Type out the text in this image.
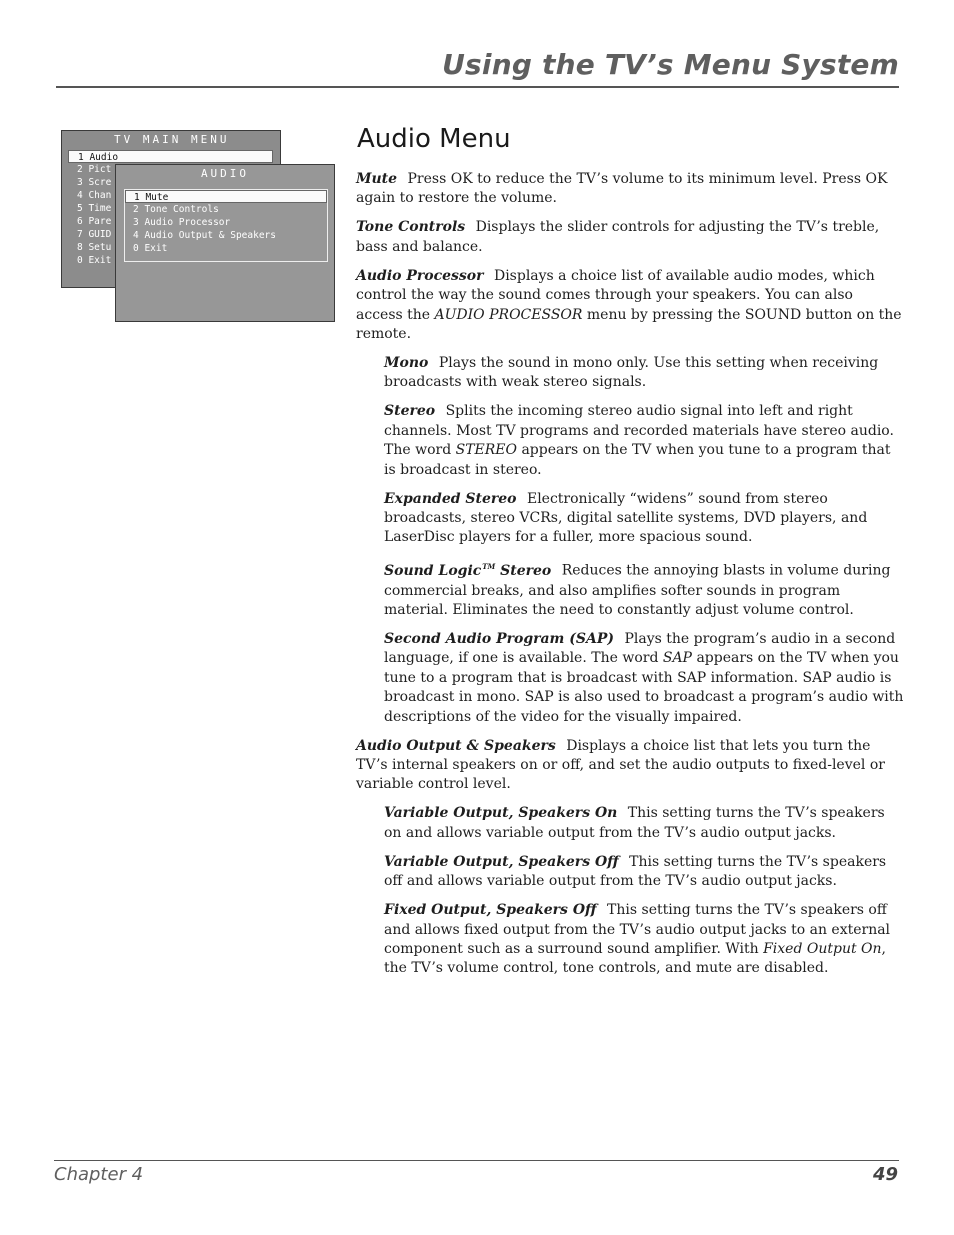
Using the TV’s Menu System
TV MAIN MENU
1 Audio
2 Pict
3 Scre
4 Chan
5 Time
6 Pare
7 GUID
8 Setu
0 Exit
AUDIO
1 Mute
2 Tone Controls
3 Audio Processor
4 Audio Output & Speakers
0 Exit
Audio Menu

Mute Press OK to reduce the TV’s volume to its minimum level. Press OK again to restore the volume.

Tone Controls Displays the slider controls for adjusting the TV’s treble, bass and balance.

Audio Processor Displays a choice list of available audio modes, which control the way the sound comes through your speakers. You can also access the AUDIO PROCESSOR menu by pressing the SOUND button on the remote.

Mono Plays the sound in mono only. Use this setting when receiving broadcasts with weak stereo signals.

Stereo Splits the incoming stereo audio signal into left and right channels. Most TV programs and recorded materials have stereo audio. The word STEREO appears on the TV when you tune to a program that is broadcast in stereo.

Expanded Stereo Electronically “widens” sound from stereo broadcasts, stereo VCRs, digital satellite systems, DVD players, and LaserDisc players for a fuller, more spacious sound.

Sound Logic™ Stereo Reduces the annoying blasts in volume during commercial breaks, and also amplifies softer sounds in program material. Eliminates the need to constantly adjust volume control.

Second Audio Program (SAP) Plays the program’s audio in a second language, if one is available. The word SAP appears on the TV when you tune to a program that is broadcast with SAP information. SAP audio is broadcast in mono. SAP is also used to broadcast a program’s audio with descriptions of the video for the visually impaired.

Audio Output & Speakers Displays a choice list that lets you turn the TV’s internal speakers on or off, and set the audio outputs to fixed-level or variable control level.

Variable Output, Speakers On This setting turns the TV’s speakers on and allows variable output from the TV’s audio output jacks.

Variable Output, Speakers Off This setting turns the TV’s speakers off and allows variable output from the TV’s audio output jacks.

Fixed Output, Speakers Off This setting turns the TV’s speakers off and allows fixed output from the TV’s audio output jacks to an external component such as a surround sound amplifier. With Fixed Output On, the TV’s volume control, tone controls, and mute are disabled.

Chapter 4	49
